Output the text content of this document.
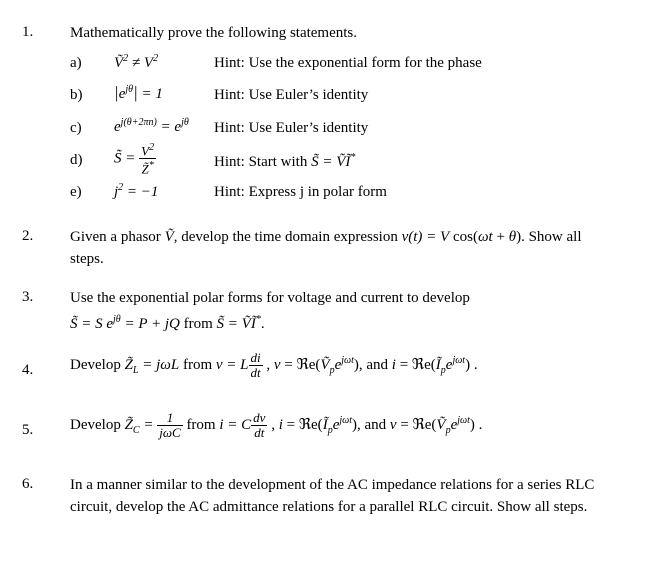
1. Mathematically prove the following statements.
a) Ṽ$^2$ ≠ $V^2$	Hint: Use the exponential form for the phase
b) $|e^{j\theta}| = 1$	Hint: Use Euler’s identity
c) $e^{j(\theta+2\pi n)} = e^{j\theta}$ Hint: Use Euler’s identity
d) S̃ = $\frac{V^2}{Z̃^*}$	Hint: Start with S̃ = ṼĨ*
e) $j^2 = -1$	Hint: Express j in polar form
2. Given a phasor Ṽ, develop the time domain expression v(t) = V cos(ωt + θ). Show all
steps.
3. Use the exponential polar forms for voltage and current to develop
S̃ = S $e^{j\theta} = P$ + jQ from S̃ = ṼĨ*.
4. Develop $Z̃_L = j\omega L$ from v = L $\frac{di}{dt}$ , $v = ℜe(Ṽ_pe^{j\omega t})$, and $i = ℜe(Ĩ_pe^{j\omega t})$ .
5. Develop $Z̃_C$ =	1
jωC from i = C $\frac{dv}{dt}$ , $i = ℜe(Ĩ_pe^{j\omega t})$, and $v = ℜe(Ṽ_pe^{j\omega t})$ .
6. In a manner similar to the development of the AC impedance relations for a series RLC
circuit, develop the AC admittance relations for a parallel RLC circuit. Show all steps.
